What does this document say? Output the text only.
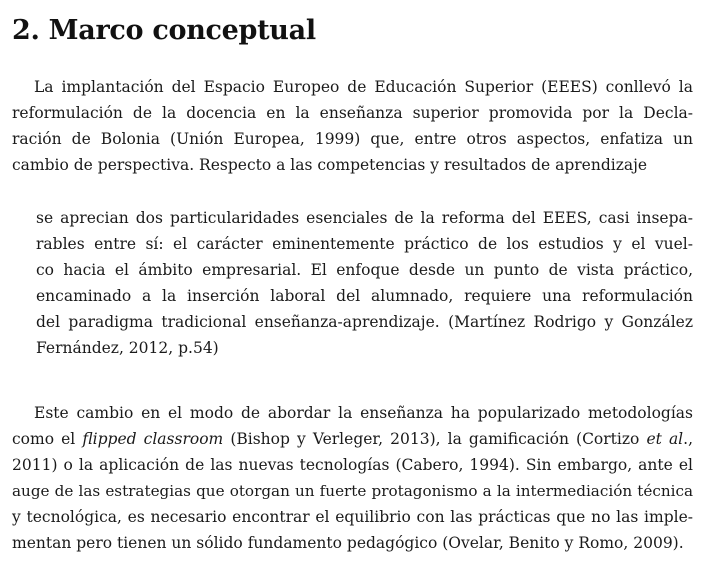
2. Marco conceptual

La implantación del Espacio Europeo de Educación Superior (EEES) conllevó la
reformulación de la docencia en la enseñanza superior promovida por la Decla-
ración de Bolonia (Unión Europea, 1999) que, entre otros aspectos, enfatiza un
cambio de perspectiva. Respecto a las competencias y resultados de aprendizaje

se aprecian dos particularidades esenciales de la reforma del EEES, casi insepa-
rables entre sí: el carácter eminentemente práctico de los estudios y el vuel-
co hacia el ámbito empresarial. El enfoque desde un punto de vista práctico,
encaminado a la inserción laboral del alumnado, requiere una reformulación
del paradigma tradicional enseñanza-aprendizaje. (Martínez Rodrigo y González
Fernández, 2012, p.54)

Este cambio en el modo de abordar la enseñanza ha popularizado metodologías
como el flipped classroom (Bishop y Verleger, 2013), la gamificación (Cortizo et al.,
2011) o la aplicación de las nuevas tecnologías (Cabero, 1994). Sin embargo, ante el
auge de las estrategias que otorgan un fuerte protagonismo a la intermediación técnica
y tecnológica, es necesario encontrar el equilibrio con las prácticas que no las imple-
mentan pero tienen un sólido fundamento pedagógico (Ovelar, Benito y Romo, 2009).
